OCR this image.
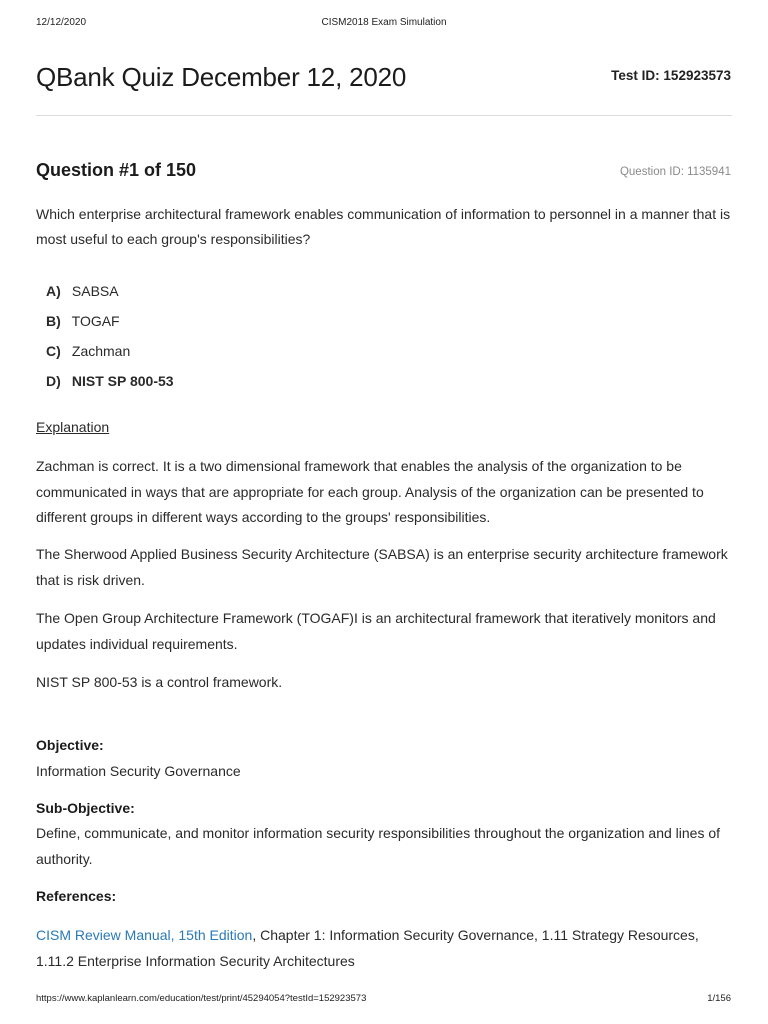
12/12/2020	CISM2018 Exam Simulation
QBank Quiz December 12, 2020	Test ID: 152923573
Question #1 of 150	Question ID: 1135941

Which enterprise architectural framework enables communication of information to personnel in a manner that is most useful to each group's responsibilities?

A) SABSA
B) TOGAF
C) Zachman
D) NIST SP 800-53
Explanation

Zachman is correct. It is a two dimensional framework that enables the analysis of the organization to be communicated in ways that are appropriate for each group. Analysis of the organization can be presented to different groups in different ways according to the groups' responsibilities.

The Sherwood Applied Business Security Architecture (SABSA) is an enterprise security architecture framework that is risk driven.

The Open Group Architecture Framework (TOGAF)I is an architectural framework that iteratively monitors and updates individual requirements.

NIST SP 800-53 is a control framework.

Objective:

Information Security Governance

Sub-Objective:

Define, communicate, and monitor information security responsibilities throughout the organization and lines of authority.

References:

CISM Review Manual, 15th Edition, Chapter 1: Information Security Governance, 1.11 Strategy Resources, 1.11.2 Enterprise Information Security Architectures

https://www.kaplanlearn.com/education/test/print/45294054?testId=152923573	1/156
